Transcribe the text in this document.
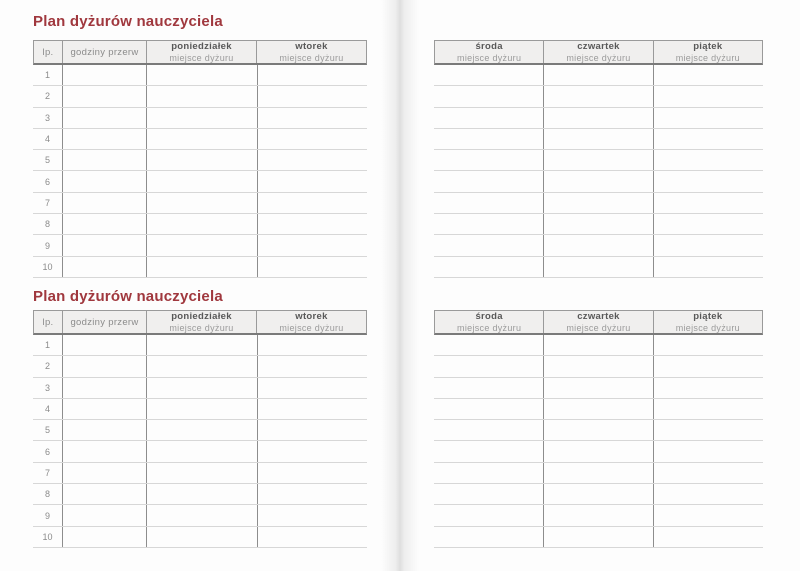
Plan dyżurów nauczyciela
lp.	godziny przerw
poniedziałek
miejsce dyżuru
wtorek
miejsce dyżuru
1
2
3
4
5
6
7
8
9
10
środa
miejsce dyżuru
czwartek
miejsce dyżuru
piątek
miejsce dyżuru
Plan dyżurów nauczyciela
lp.	godziny przerw
poniedziałek
miejsce dyżuru
wtorek
miejsce dyżuru
1
2
3
4
5
6
7
8
9
10
środa
miejsce dyżuru
czwartek
miejsce dyżuru
piątek
miejsce dyżuru
